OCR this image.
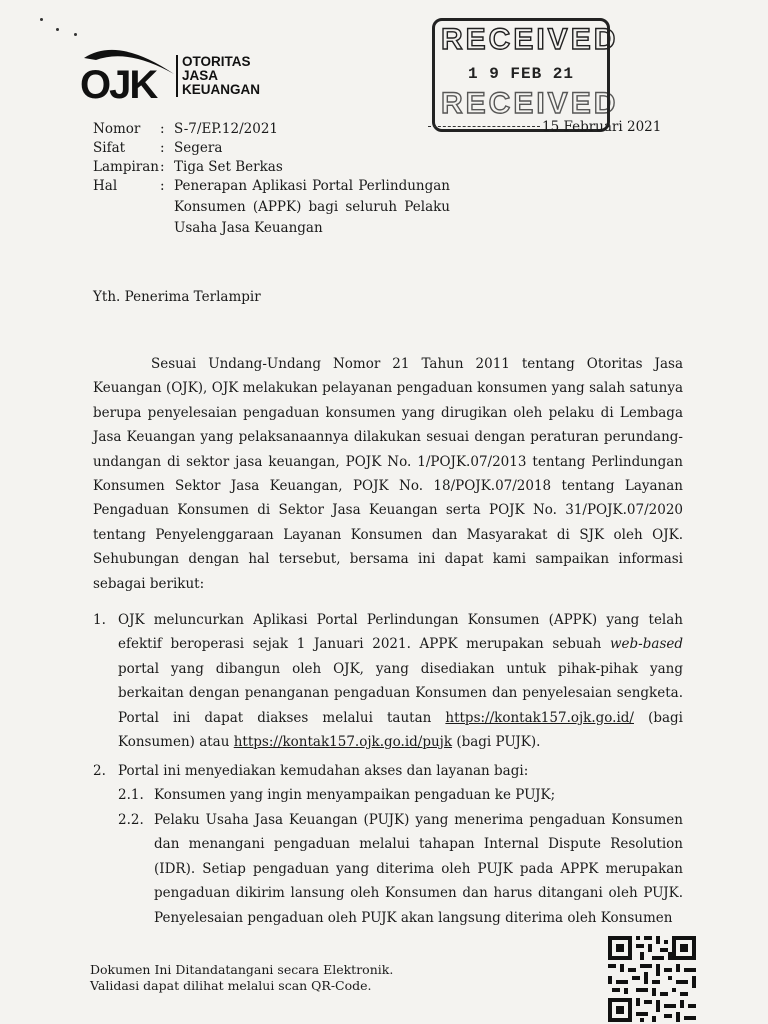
OJK
OTORITAS
JASA
KEUANGAN
RECEIVED
1 9 FEB 21
RECEIVED
15 Februari 2021
Nomor	: S-7/EP.12/2021
Sifat	: Segera
Lampiran : Tiga Set Berkas
Hal	: Penerapan Aplikasi Portal Perlindungan Konsumen (APPK) bagi seluruh Pelaku Usaha Jasa Keuangan
Yth. Penerima Terlampir
Sesuai Undang-Undang Nomor 21 Tahun 2011 tentang Otoritas Jasa Keuangan (OJK), OJK melakukan pelayanan pengaduan konsumen yang salah satunya berupa penyelesaian pengaduan konsumen yang dirugikan oleh pelaku di Lembaga Jasa Keuangan yang pelaksanaannya dilakukan sesuai dengan peraturan perundang-undangan di sektor jasa keuangan, POJK No. 1/POJK.07/2013 tentang Perlindungan Konsumen Sektor Jasa Keuangan, POJK No. 18/POJK.07/2018 tentang Layanan Pengaduan Konsumen di Sektor Jasa Keuangan serta POJK No. 31/POJK.07/2020 tentang Penyelenggaraan Layanan Konsumen dan Masyarakat di SJK oleh OJK. Sehubungan dengan hal tersebut, bersama ini dapat kami sampaikan informasi sebagai berikut:
1. OJK meluncurkan Aplikasi Portal Perlindungan Konsumen (APPK) yang telah efektif beroperasi sejak 1 Januari 2021. APPK merupakan sebuah web-based portal yang dibangun oleh OJK, yang disediakan untuk pihak-pihak yang berkaitan dengan penanganan pengaduan Konsumen dan penyelesaian sengketa. Portal ini dapat diakses melalui tautan https://kontak157.ojk.go.id/ (bagi Konsumen) atau https://kontak157.ojk.go.id/pujk (bagi PUJK).
2. Portal ini menyediakan kemudahan akses dan layanan bagi:
2.1. Konsumen yang ingin menyampaikan pengaduan ke PUJK;
2.2. Pelaku Usaha Jasa Keuangan (PUJK) yang menerima pengaduan Konsumen dan menangani pengaduan melalui tahapan Internal Dispute Resolution (IDR). Setiap pengaduan yang diterima oleh PUJK pada APPK merupakan pengaduan dikirim lansung oleh Konsumen dan harus ditangani oleh PUJK. Penyelesaian pengaduan oleh PUJK akan langsung diterima oleh Konsumen
Dokumen Ini Ditandatangani secara Elektronik.
Validasi dapat dilihat melalui scan QR-Code.
